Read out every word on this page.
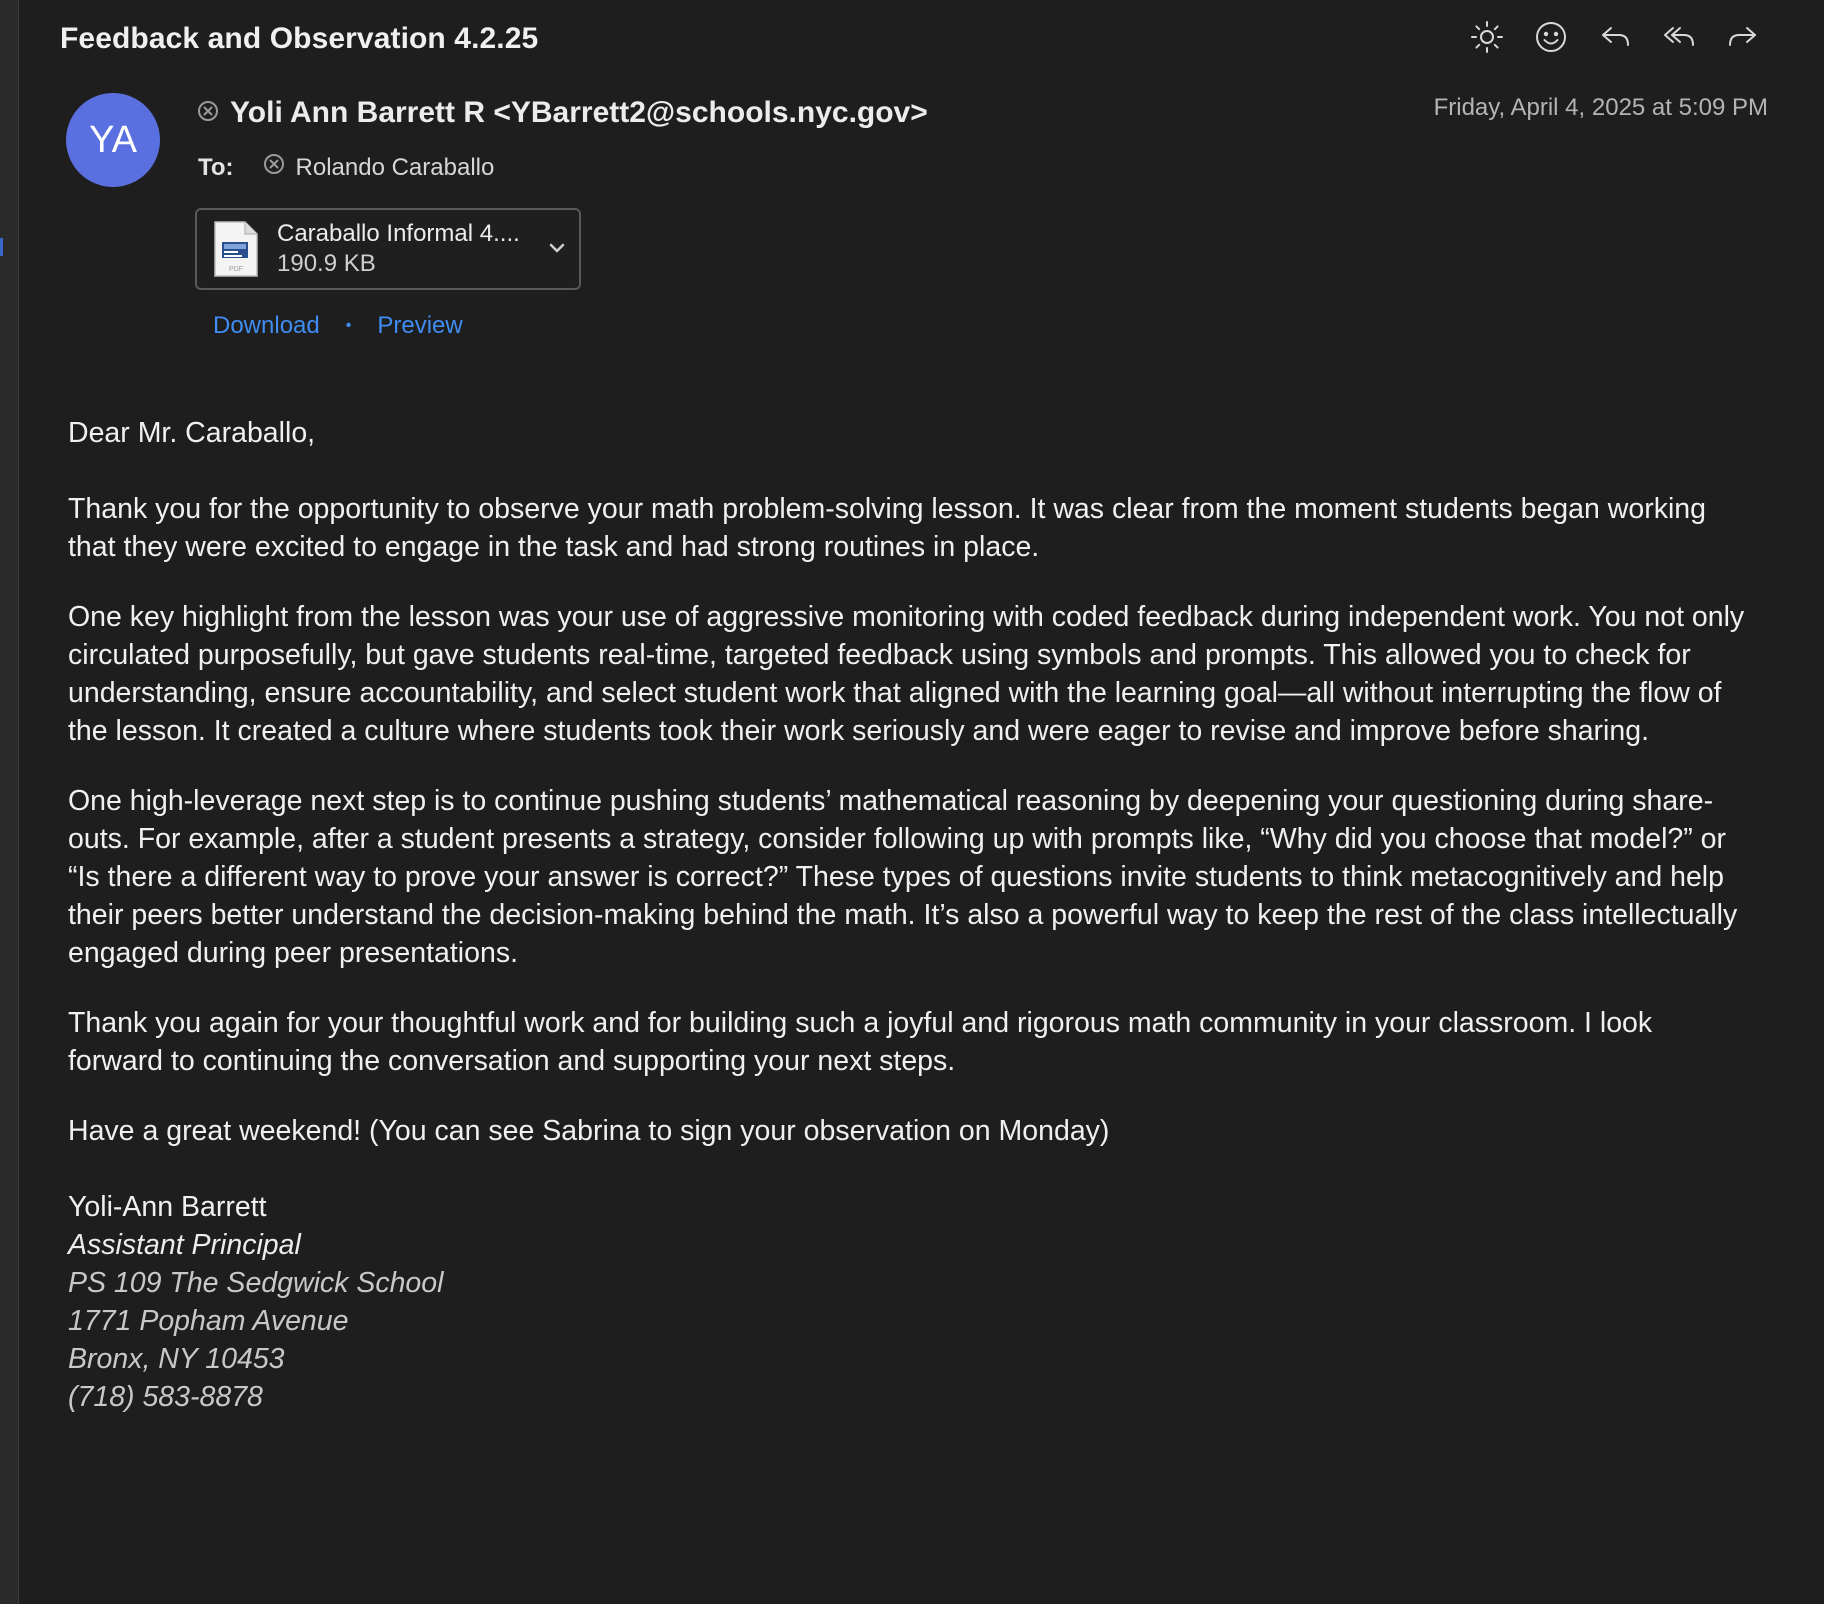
Feedback and Observation 4.2.25
YA
Yoli Ann Barrett R <YBarrett2@schools.nyc.gov>	Friday, April 4, 2025 at 5:09 PM
To:	Rolando Caraballo
PDF
Caraballo Informal 4....
190.9 KB
Download • Preview

Dear Mr. Caraballo,

Thank you for the opportunity to observe your math problem-solving lesson. It was clear from the moment students began working that they were excited to engage in the task and had strong routines in place.

One key highlight from the lesson was your use of aggressive monitoring with coded feedback during independent work. You not only circulated purposefully, but gave students real-time, targeted feedback using symbols and prompts. This allowed you to check for understanding, ensure accountability, and select student work that aligned with the learning goal—all without interrupting the flow of the lesson. It created a culture where students took their work seriously and were eager to revise and improve before sharing.

One high-leverage next step is to continue pushing students’ mathematical reasoning by deepening your questioning during share-outs. For example, after a student presents a strategy, consider following up with prompts like, “Why did you choose that model?” or “Is there a different way to prove your answer is correct?” These types of questions invite students to think metacognitively and help their peers better understand the decision-making behind the math. It’s also a powerful way to keep the rest of the class intellectually engaged during peer presentations.

Thank you again for your thoughtful work and for building such a joyful and rigorous math community in your classroom. I look forward to continuing the conversation and supporting your next steps.

Have a great weekend! (You can see Sabrina to sign your observation on Monday)

Yoli-Ann Barrett
Assistant Principal
PS 109 The Sedgwick School
1771 Popham Avenue
Bronx, NY 10453
(718) 583-8878
